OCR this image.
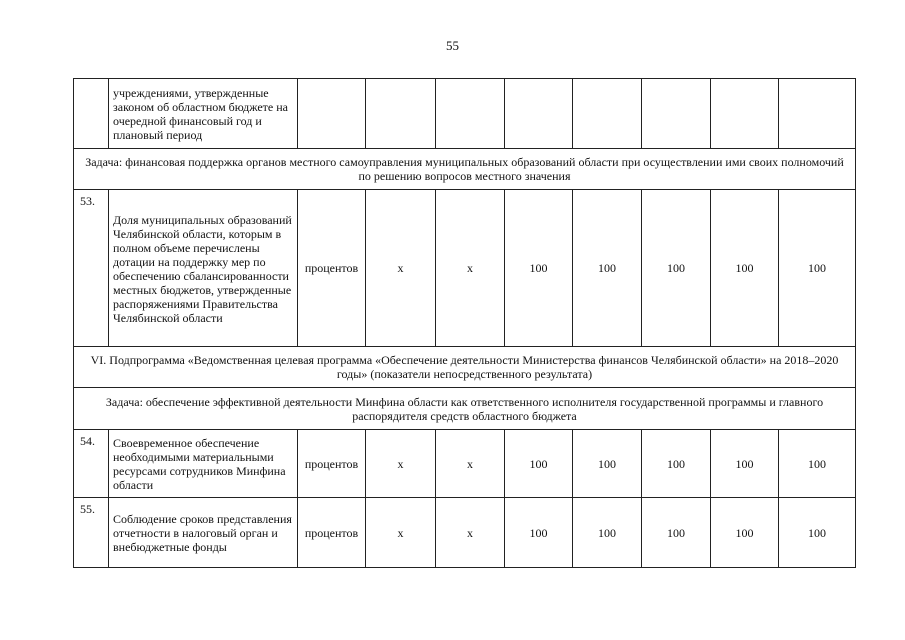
55
	учреждениями, утвержденные законом об областном бюджете на очередной финансовый год и плановый период								
Задача: финансовая поддержка органов местного самоуправления муниципальных образований области при осуществлении ими своих полномочий по решению вопросов местного значения									
53.	Доля муниципальных образований Челябинской области, которым в полном объеме перечислены дотации на поддержку мер по обеспечению сбалансированности местных бюджетов, утвержденные распоряжениями Правительства Челябинской области	процентов	x	x	100	100	100	100	100
VI. Подпрограмма «Ведомственная целевая программа «Обеспечение деятельности Министерства финансов Челябинской области» на 2018–2020 годы» (показатели непосредственного результата)									
Задача: обеспечение эффективной деятельности Минфина области как ответственного исполнителя государственной программы и главного распорядителя средств областного бюджета									
54.	Своевременное обеспечение необходимыми материальными ресурсами сотрудников Минфина области	процентов	x	x	100	100	100	100	100
55.	Соблюдение сроков представления отчетности в налоговый орган и внебюджетные фонды	процентов	x	x	100	100	100	100	100
